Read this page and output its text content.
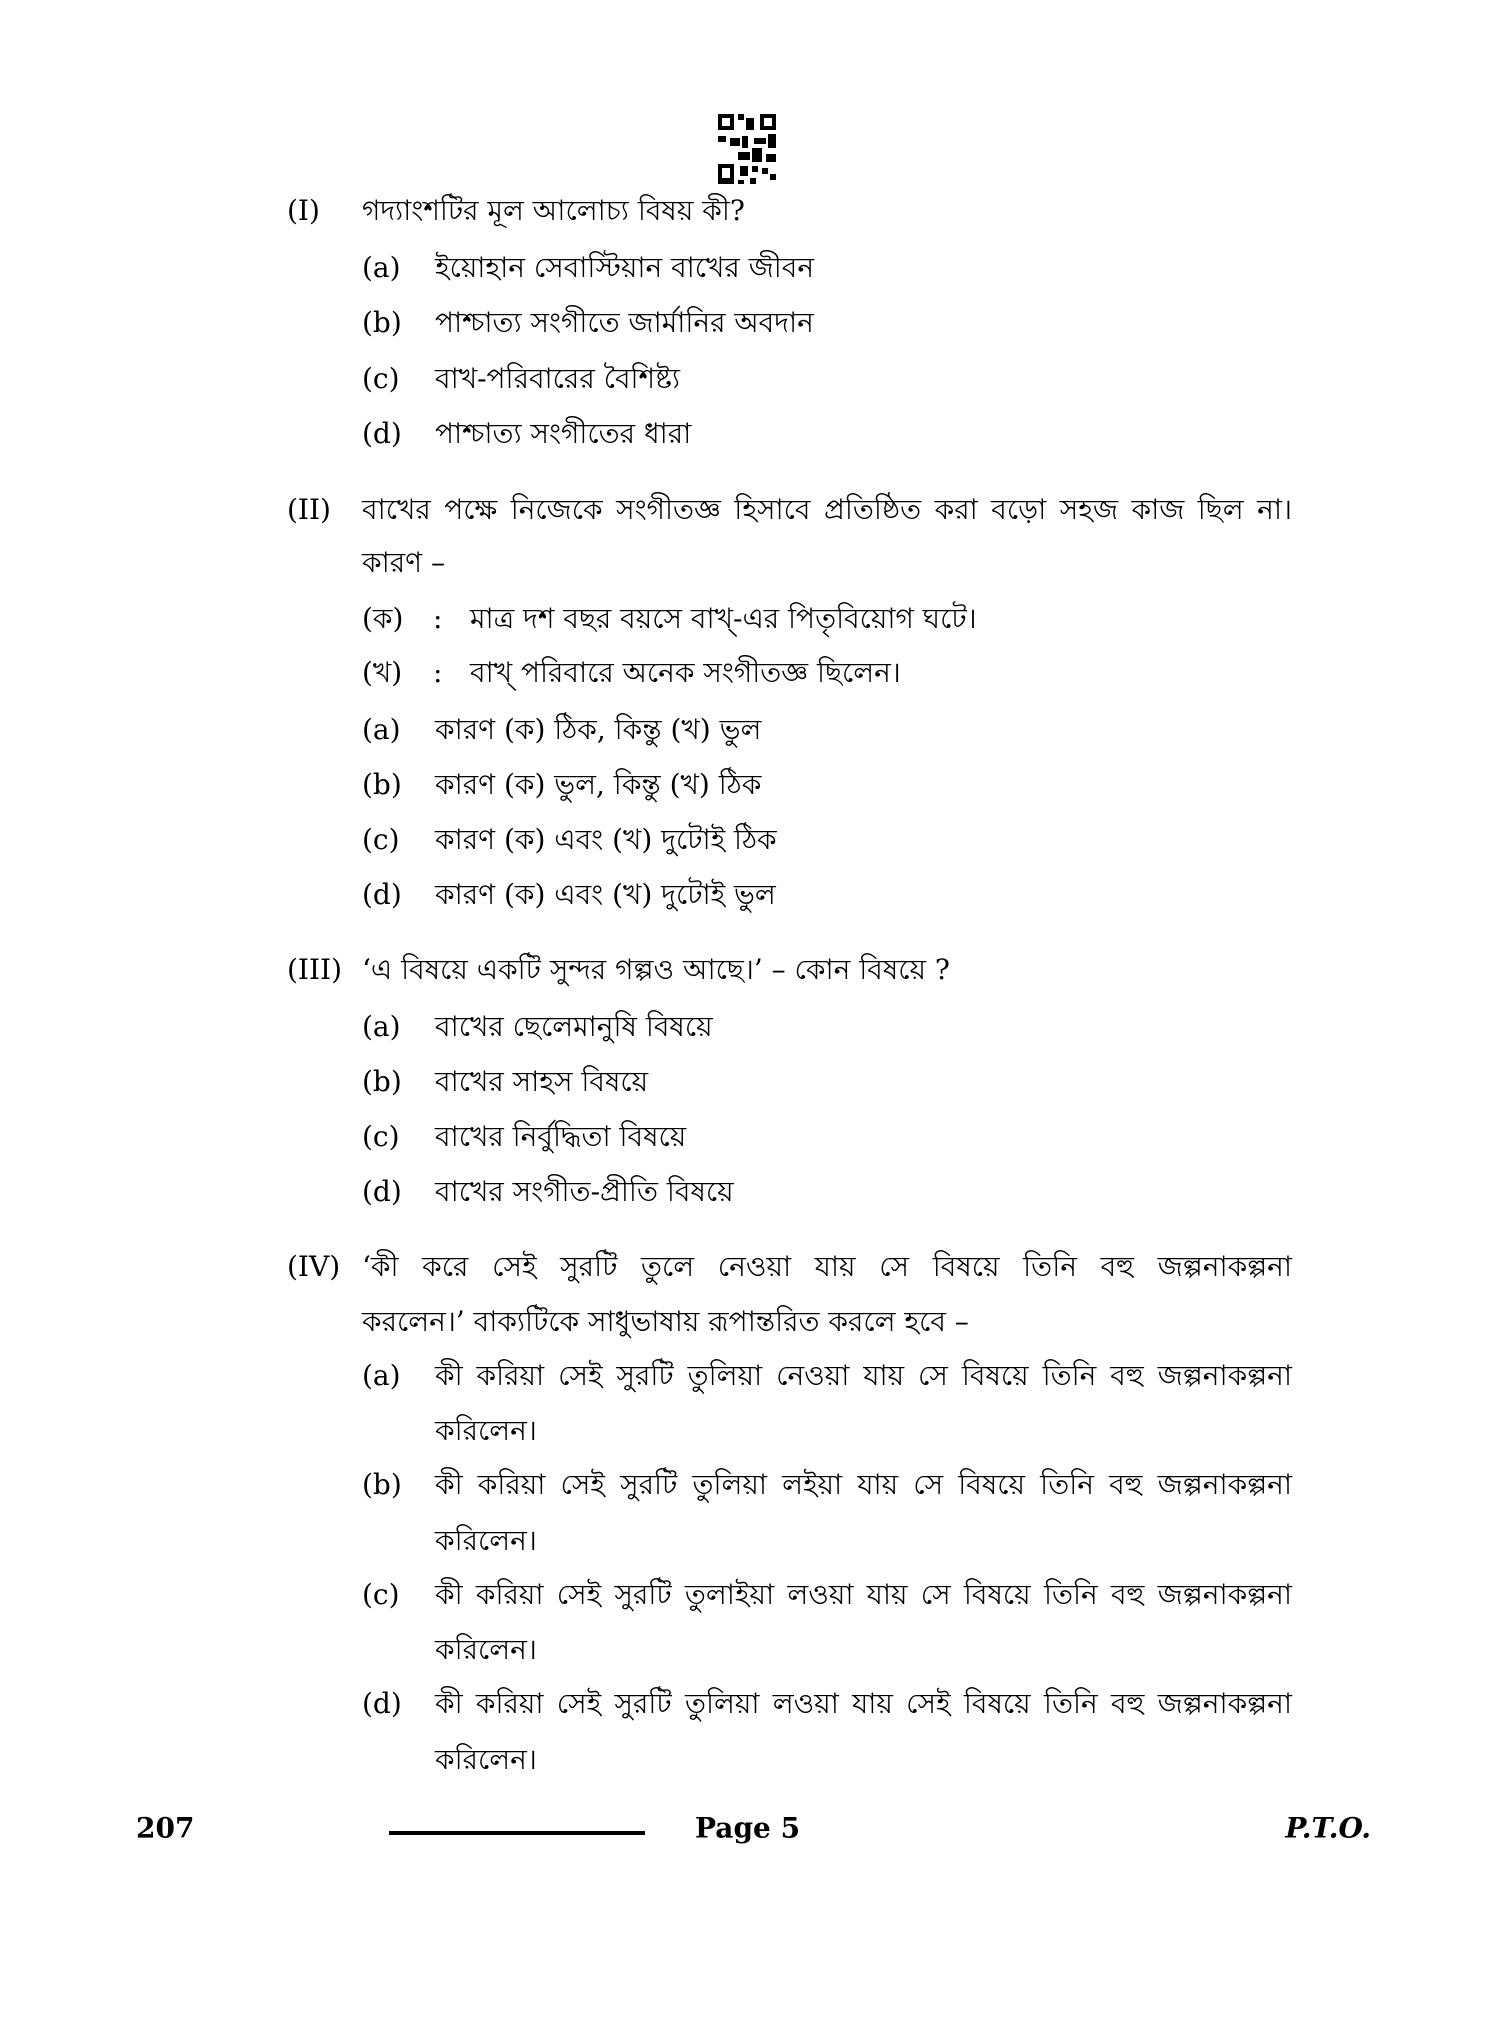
(I) গদ্যাংশটির মূল আলোচ্য বিষয় কী?
(a) ইয়োহান সেবাস্টিয়ান বাখের জীবন
(b) পাশ্চাত্য সংগীতে জার্মানির অবদান
(c) বাখ-পরিবারের বৈশিষ্ট্য
(d) পাশ্চাত্য সংগীতের ধারা
(II) বাখের পক্ষে নিজেকে সংগীতজ্ঞ হিসাবে প্রতিষ্ঠিত করা বড়ো সহজ কাজ ছিল না।
কারণ –
(ক) : মাত্র দশ বছর বয়সে বাখ্-এর পিতৃবিয়োগ ঘটে।
(খ) : বাখ্ পরিবারে অনেক সংগীতজ্ঞ ছিলেন।
(a) কারণ (ক) ঠিক, কিন্তু (খ) ভুল
(b) কারণ (ক) ভুল, কিন্তু (খ) ঠিক
(c) কারণ (ক) এবং (খ) দুটোই ঠিক
(d) কারণ (ক) এবং (খ) দুটোই ভুল
(III) ‘এ বিষয়ে একটি সুন্দর গল্পও আছে।’ – কোন বিষয়ে ?
(a) বাখের ছেলেমানুষি বিষয়ে
(b) বাখের সাহস বিষয়ে
(c) বাখের নির্বুদ্ধিতা বিষয়ে
(d) বাখের সংগীত-প্রীতি বিষয়ে
(IV) ‘কী করে সেই সুরটি তুলে নেওয়া যায় সে বিষয়ে তিনি বহু জল্পনাকল্পনা
করলেন।’ বাক্যটিকে সাধুভাষায় রূপান্তরিত করলে হবে –
(a) কী করিয়া সেই সুরটি তুলিয়া নেওয়া যায় সে বিষয়ে তিনি বহু জল্পনাকল্পনা
করিলেন।
(b) কী করিয়া সেই সুরটি তুলিয়া লইয়া যায় সে বিষয়ে তিনি বহু জল্পনাকল্পনা
করিলেন।
(c) কী করিয়া সেই সুরটি তুলাইয়া লওয়া যায় সে বিষয়ে তিনি বহু জল্পনাকল্পনা
করিলেন।
(d) কী করিয়া সেই সুরটি তুলিয়া লওয়া যায় সেই বিষয়ে তিনি বহু জল্পনাকল্পনা
করিলেন।
207	Page 5	P.T.O.
